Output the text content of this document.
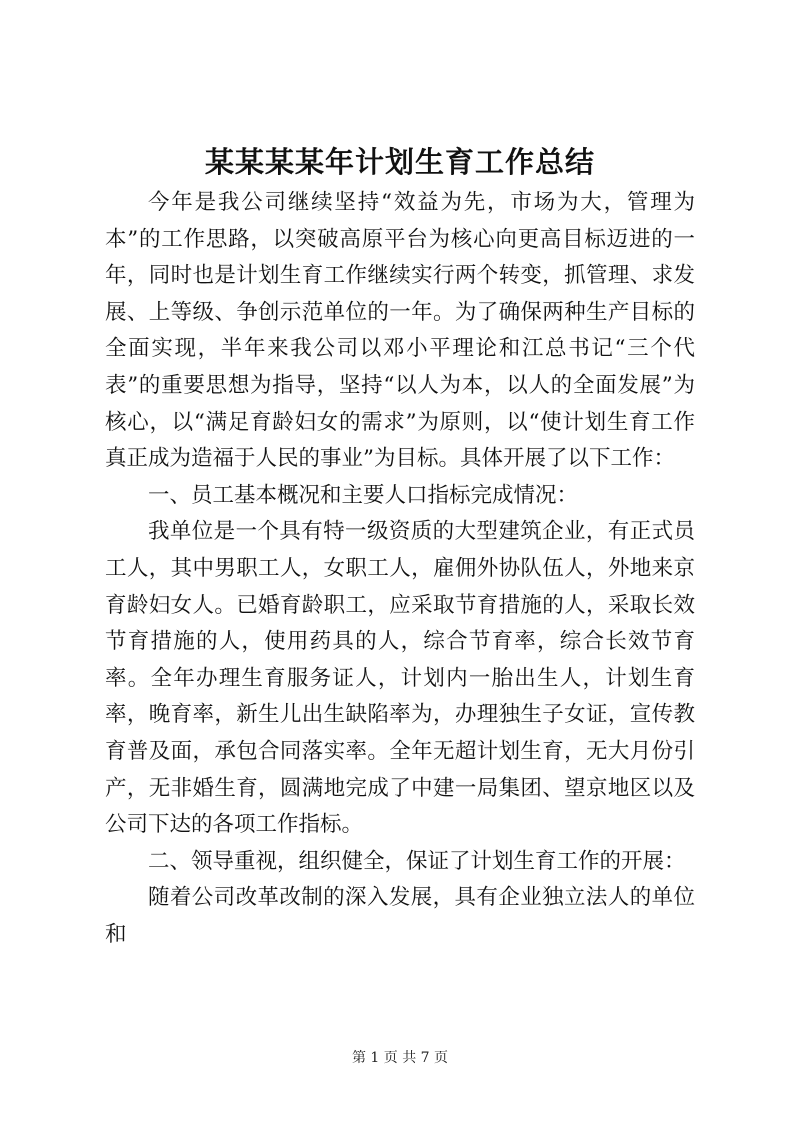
某某某某年计划生育工作总结

今年是我公司继续坚持“效益为先，市场为大，管理为本”的工作思路，以突破高原平台为核心向更高目标迈进的一年，同时也是计划生育工作继续实行两个转变，抓管理、求发展、上等级、争创示范单位的一年。为了确保两种生产目标的全面实现，半年来我公司以邓小平理论和江总书记“三个代表”的重要思想为指导，坚持“以人为本，以人的全面发展”为核心，以“满足育龄妇女的需求”为原则，以“使计划生育工作真正成为造福于人民的事业”为目标。具体开展了以下工作：

一、员工基本概况和主要人口指标完成情况：

我单位是一个具有特一级资质的大型建筑企业，有正式员工人，其中男职工人，女职工人，雇佣外协队伍人，外地来京育龄妇女人。已婚育龄职工，应采取节育措施的人，采取长效节育措施的人，使用药具的人，综合节育率，综合长效节育率。全年办理生育服务证人，计划内一胎出生人，计划生育率，晚育率，新生儿出生缺陷率为，办理独生子女证，宣传教育普及面，承包合同落实率。全年无超计划生育，无大月份引产，无非婚生育，圆满地完成了中建一局集团、望京地区以及公司下达的各项工作指标。

二、领导重视，组织健全，保证了计划生育工作的开展：

随着公司改革改制的深入发展，具有企业独立法人的单位和

第 1 页 共 7 页
